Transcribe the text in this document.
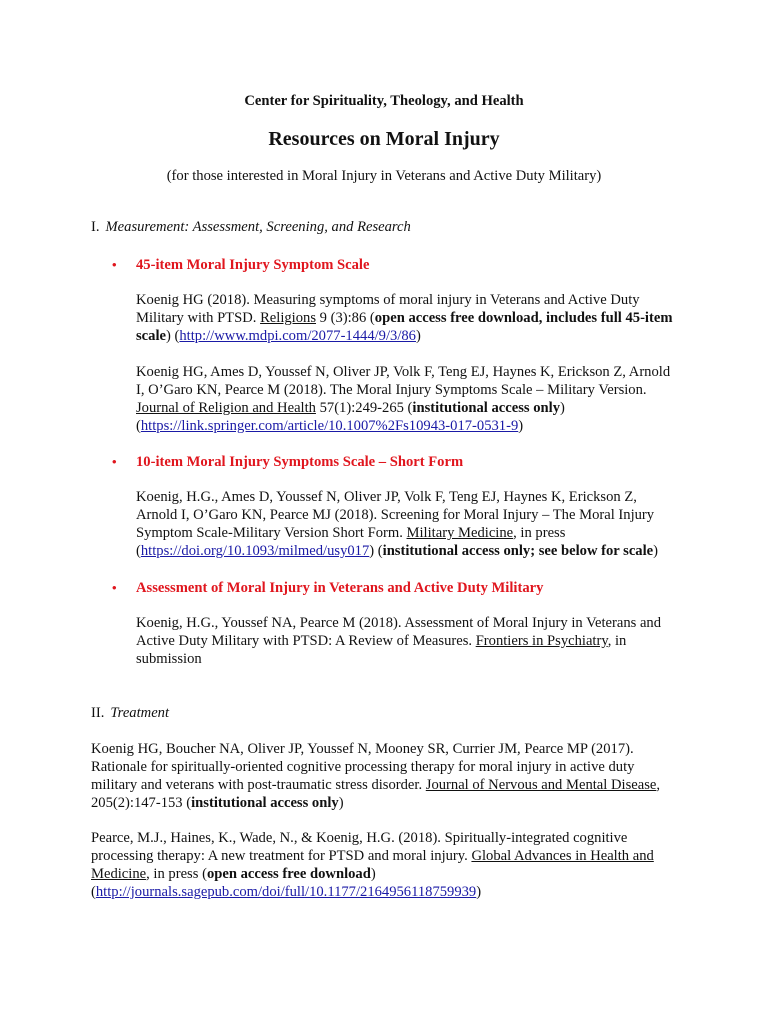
Center for Spirituality, Theology, and Health
Resources on Moral Injury
(for those interested in Moral Injury in Veterans and Active Duty Military)
I. Measurement: Assessment, Screening, and Research
• 45-item Moral Injury Symptom Scale
Koenig HG (2018). Measuring symptoms of moral injury in Veterans and Active Duty Military with PTSD. Religions 9 (3):86 (open access free download, includes full 45-item scale) (http://www.mdpi.com/2077-1444/9/3/86)
Koenig HG, Ames D, Youssef N, Oliver JP, Volk F, Teng EJ, Haynes K, Erickson Z, Arnold I, O’Garo KN, Pearce M (2018). The Moral Injury Symptoms Scale – Military Version. Journal of Religion and Health 57(1):249-265 (institutional access only) (https://link.springer.com/article/10.1007%2Fs10943-017-0531-9)
• 10-item Moral Injury Symptoms Scale – Short Form
Koenig, H.G., Ames D, Youssef N, Oliver JP, Volk F, Teng EJ, Haynes K, Erickson Z, Arnold I, O’Garo KN, Pearce MJ (2018). Screening for Moral Injury – The Moral Injury Symptom Scale-Military Version Short Form. Military Medicine, in press (https://doi.org/10.1093/milmed/usy017) (institutional access only; see below for scale)
• Assessment of Moral Injury in Veterans and Active Duty Military
Koenig, H.G., Youssef NA, Pearce M (2018). Assessment of Moral Injury in Veterans and Active Duty Military with PTSD: A Review of Measures. Frontiers in Psychiatry, in submission
II. Treatment
Koenig HG, Boucher NA, Oliver JP, Youssef N, Mooney SR, Currier JM, Pearce MP (2017). Rationale for spiritually-oriented cognitive processing therapy for moral injury in active duty military and veterans with post-traumatic stress disorder. Journal of Nervous and Mental Disease, 205(2):147-153 (institutional access only)
Pearce, M.J., Haines, K., Wade, N., & Koenig, H.G. (2018). Spiritually-integrated cognitive processing therapy: A new treatment for PTSD and moral injury. Global Advances in Health and Medicine, in press (open access free download)
(http://journals.sagepub.com/doi/full/10.1177/2164956118759939)
